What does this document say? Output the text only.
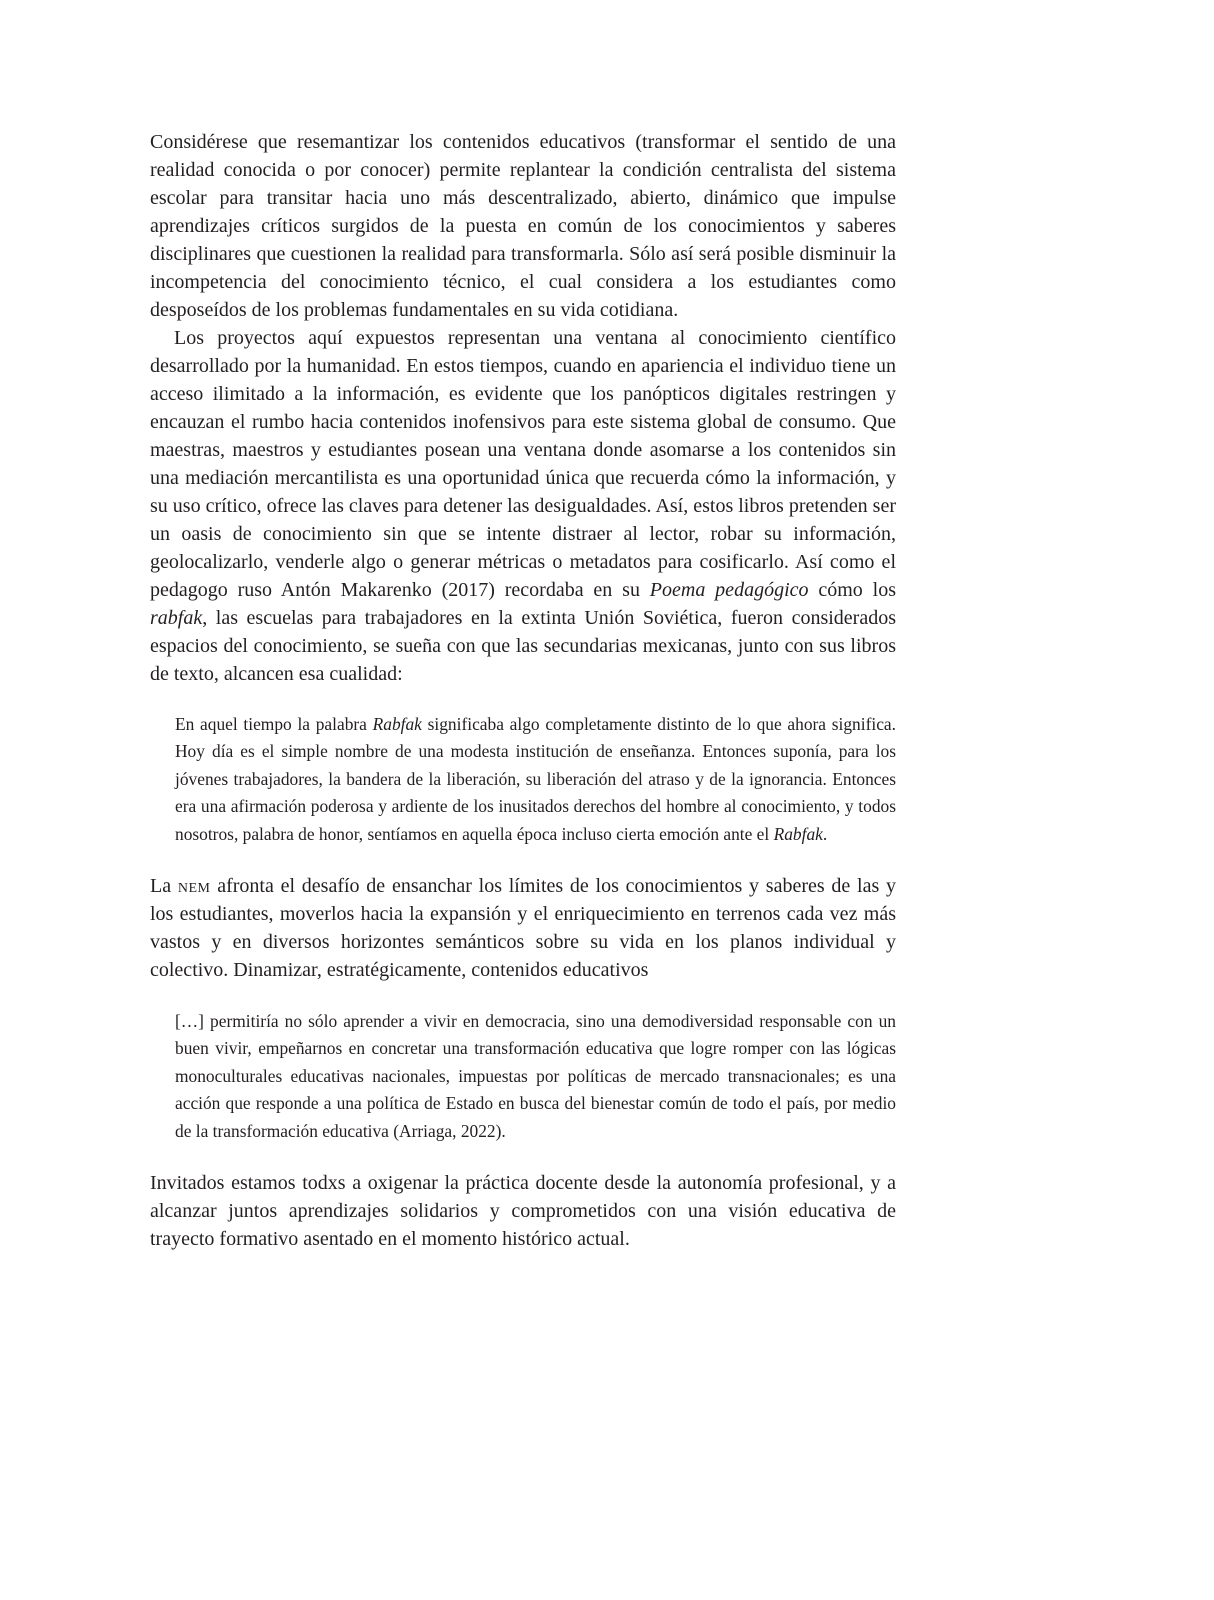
Considérese que resemantizar los contenidos educativos (transformar el sentido de una realidad conocida o por conocer) permite replantear la condición centralista del sistema escolar para transitar hacia uno más descentralizado, abierto, dinámico que impulse aprendizajes críticos surgidos de la puesta en común de los conocimientos y saberes disciplinares que cuestionen la realidad para transformarla. Sólo así será posible disminuir la incompetencia del conocimiento técnico, el cual considera a los estudiantes como desposeídos de los problemas fundamentales en su vida cotidiana.

Los proyectos aquí expuestos representan una ventana al conocimiento científico desarrollado por la humanidad. En estos tiempos, cuando en apariencia el individuo tiene un acceso ilimitado a la información, es evidente que los panópticos digitales restringen y encauzan el rumbo hacia contenidos inofensivos para este sistema global de consumo. Que maestras, maestros y estudiantes posean una ventana donde asomarse a los contenidos sin una mediación mercantilista es una oportunidad única que recuerda cómo la información, y su uso crítico, ofrece las claves para detener las desigualdades. Así, estos libros pretenden ser un oasis de conocimiento sin que se intente distraer al lector, robar su información, geolocalizarlo, venderle algo o generar métricas o metadatos para cosificarlo. Así como el pedagogo ruso Antón Makarenko (2017) recordaba en su Poema pedagógico cómo los rabfak, las escuelas para trabajadores en la extinta Unión Soviética, fueron considerados espacios del conocimiento, se sueña con que las secundarias mexicanas, junto con sus libros de texto, alcancen esa cualidad:

En aquel tiempo la palabra Rabfak significaba algo completamente distinto de lo que ahora significa. Hoy día es el simple nombre de una modesta institución de enseñanza. Entonces suponía, para los jóvenes trabajadores, la bandera de la liberación, su liberación del atraso y de la ignorancia. Entonces era una afirmación poderosa y ardiente de los inusitados derechos del hombre al conocimiento, y todos nosotros, palabra de honor, sentíamos en aquella época incluso cierta emoción ante el Rabfak.

La nem afronta el desafío de ensanchar los límites de los conocimientos y saberes de las y los estudiantes, moverlos hacia la expansión y el enriquecimiento en terrenos cada vez más vastos y en diversos horizontes semánticos sobre su vida en los planos individual y colectivo. Dinamizar, estratégicamente, contenidos educativos

[…] permitiría no sólo aprender a vivir en democracia, sino una demodiversidad responsable con un buen vivir, empeñarnos en concretar una transformación educativa que logre romper con las lógicas monoculturales educativas nacionales, impuestas por políticas de mercado transnacionales; es una acción que responde a una política de Estado en busca del bienestar común de todo el país, por medio de la transformación educativa (Arriaga, 2022).

Invitados estamos todxs a oxigenar la práctica docente desde la autonomía profesional, y a alcanzar juntos aprendizajes solidarios y comprometidos con una visión educativa de trayecto formativo asentado en el momento histórico actual.
